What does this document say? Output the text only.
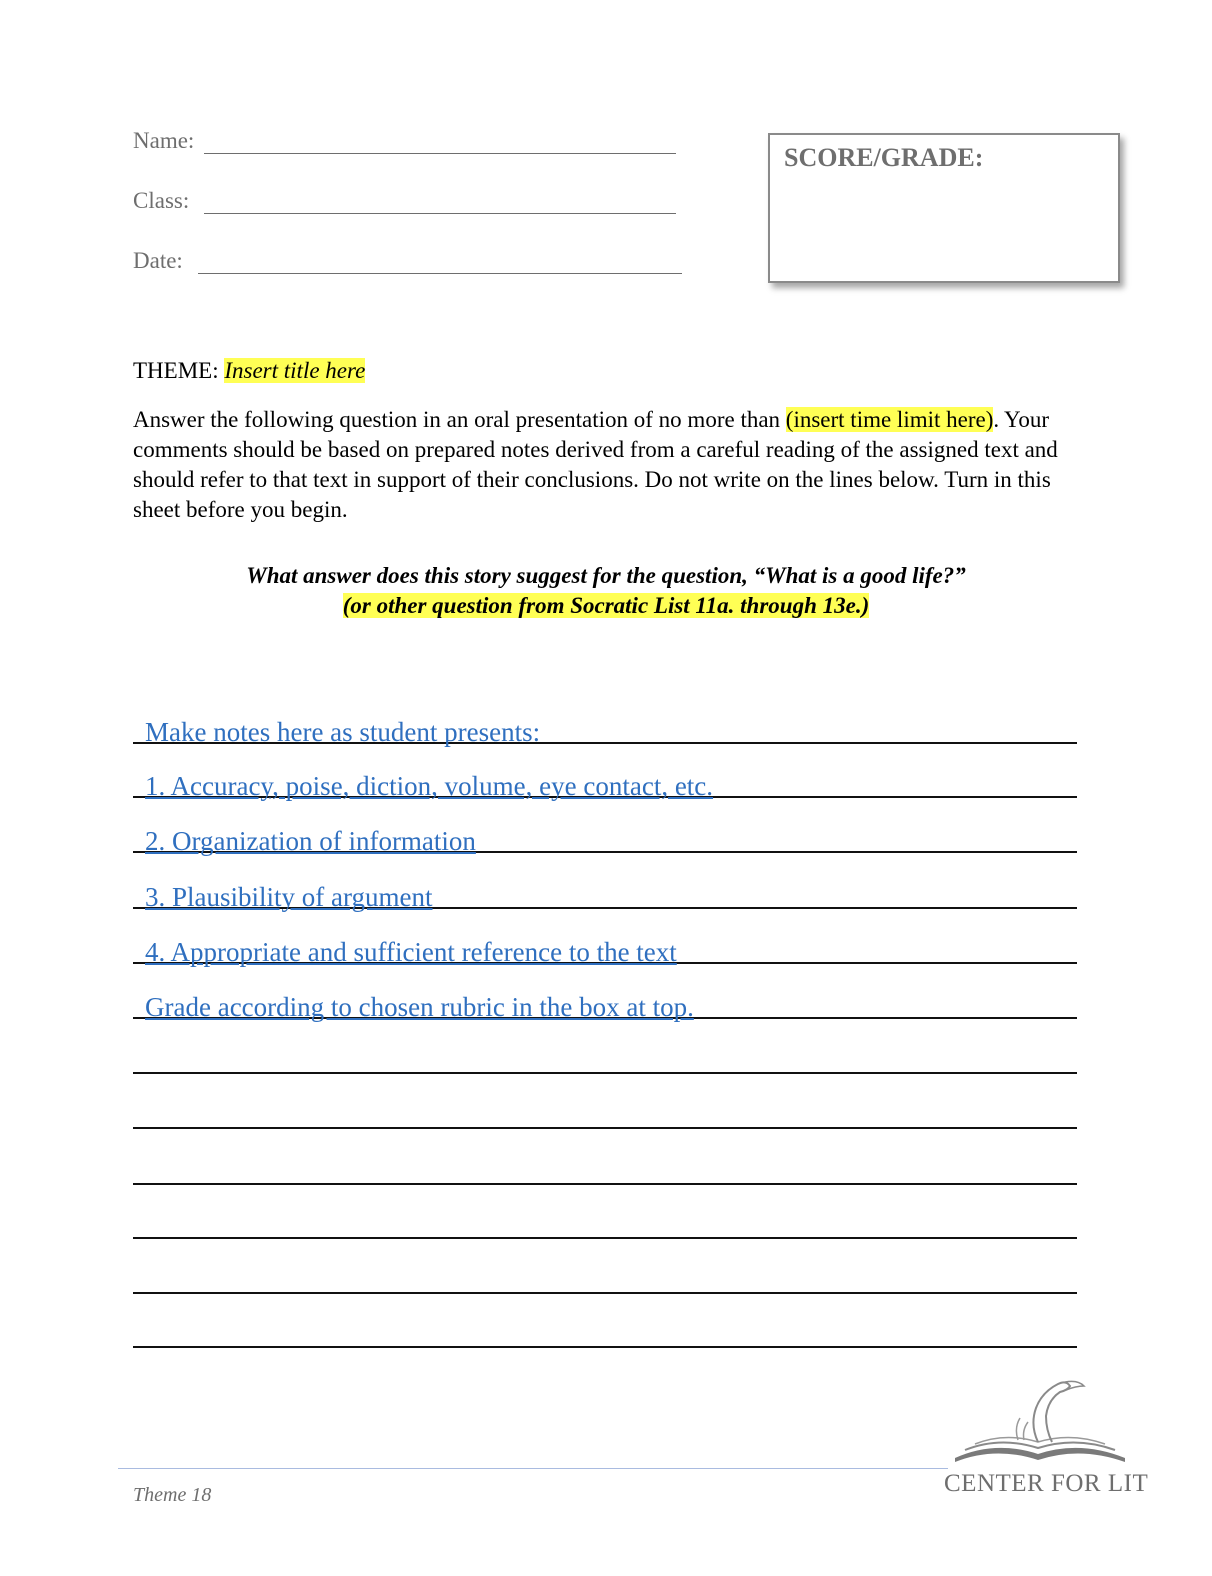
Name:
Class:
Date:
SCORE/GRADE:
THEME: Insert title here
Answer the following question in an oral presentation of no more than (insert time limit here). Your comments should be based on prepared notes derived from a careful reading of the assigned text and should refer to that text in support of their conclusions. Do not write on the lines below. Turn in this sheet before you begin.
What answer does this story suggest for the question, “What is a good life?”
(or other question from Socratic List 11a. through 13e.)
Make notes here as student presents:
1. Accuracy, poise, diction, volume, eye contact, etc.
2. Organization of information
3. Plausibility of argument
4. Appropriate and sufficient reference to the text
Grade according to chosen rubric in the box at top.
Theme 18	CENTER FOR LIT
